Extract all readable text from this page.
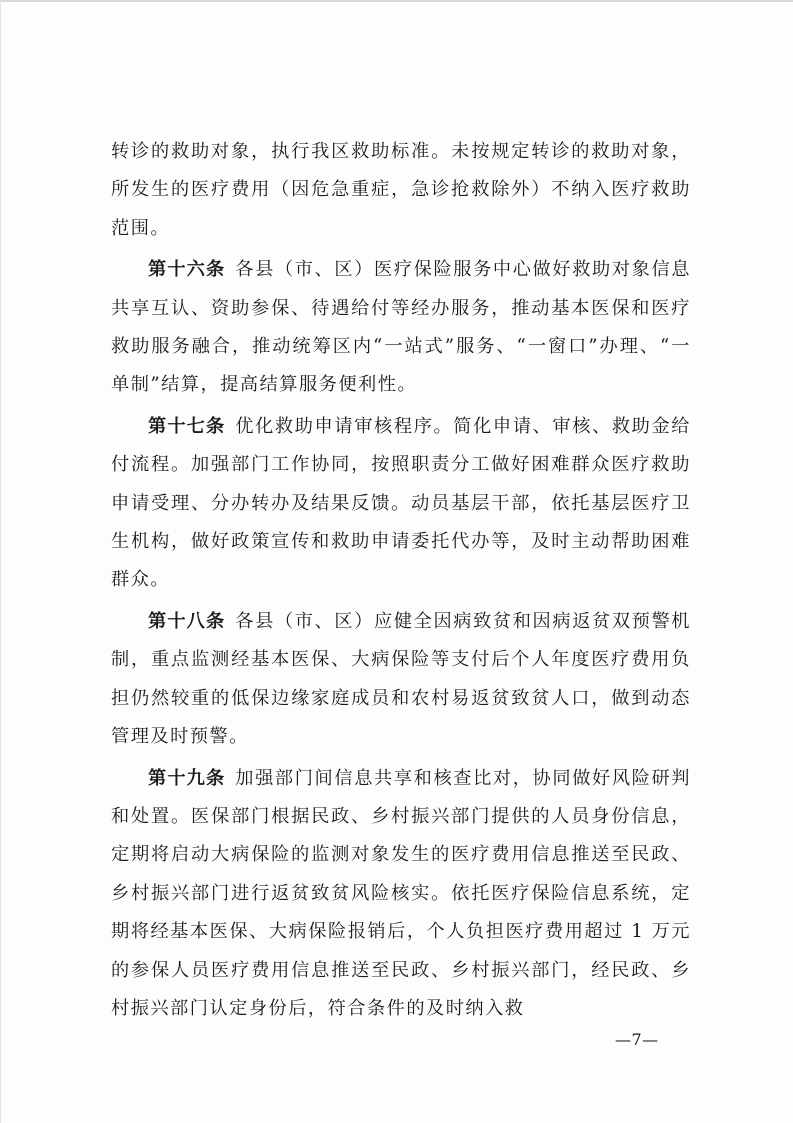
转诊的救助对象，执行我区救助标准。未按规定转诊的救助对象，所发生的医疗费用（因危急重症，急诊抢救除外）不纳入医疗救助范围。

第十六条 各县（市、区）医疗保险服务中心做好救助对象信息共享互认、资助参保、待遇给付等经办服务，推动基本医保和医疗救助服务融合，推动统筹区内“一站式”服务、“一窗口”办理、“一单制”结算，提高结算服务便利性。

第十七条 优化救助申请审核程序。简化申请、审核、救助金给付流程。加强部门工作协同，按照职责分工做好困难群众医疗救助申请受理、分办转办及结果反馈。动员基层干部，依托基层医疗卫生机构，做好政策宣传和救助申请委托代办等，及时主动帮助困难群众。

第十八条 各县（市、区）应健全因病致贫和因病返贫双预警机制，重点监测经基本医保、大病保险等支付后个人年度医疗费用负担仍然较重的低保边缘家庭成员和农村易返贫致贫人口，做到动态管理及时预警。

第十九条 加强部门间信息共享和核查比对，协同做好风险研判和处置。医保部门根据民政、乡村振兴部门提供的人员身份信息，定期将启动大病保险的监测对象发生的医疗费用信息推送至民政、乡村振兴部门进行返贫致贫风险核实。依托医疗保险信息系统，定期将经基本医保、大病保险报销后，个人负担医疗费用超过 1 万元的参保人员医疗费用信息推送至民政、乡村振兴部门，经民政、乡村振兴部门认定身份后，符合条件的及时纳入救

—7—
